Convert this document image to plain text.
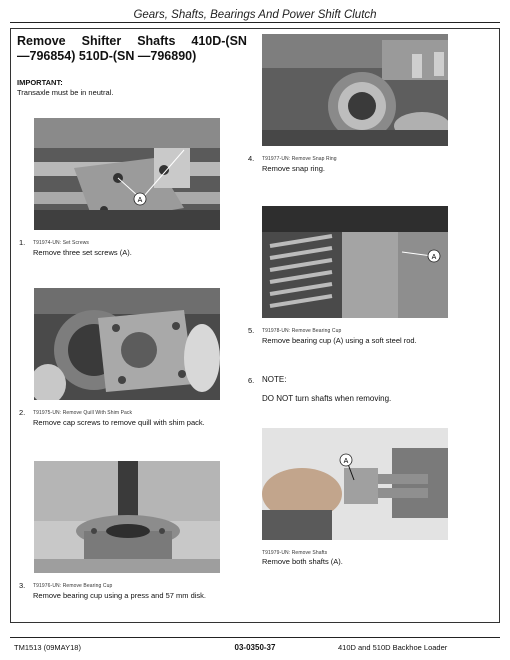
Gears, Shafts, Bearings And Power Shift Clutch
Remove Shifter Shafts 410D-(SN
—796854) 510D-(SN —796890)
IMPORTANT:
Transaxle must be in neutral.
A
1. T91974-UN: Set Screws
Remove three set screws (A).
2. T91975-UN: Remove Quill With Shim Pack
Remove cap screws to remove quill with shim pack.
3. T91976-UN: Remove Bearing Cup
Remove bearing cup using a press and 57 mm disk.
4. T91977-UN: Remove Snap Ring
Remove snap ring.
A
5. T91978-UN: Remove Bearing Cup
Remove bearing cup (A) using a soft steel rod.
6. NOTE:
DO NOT turn shafts when removing.
A
T91979-UN: Remove Shafts
Remove both shafts (A).
TM1513 (09MAY18)	03-0350-37	410D and 510D Backhoe Loader
